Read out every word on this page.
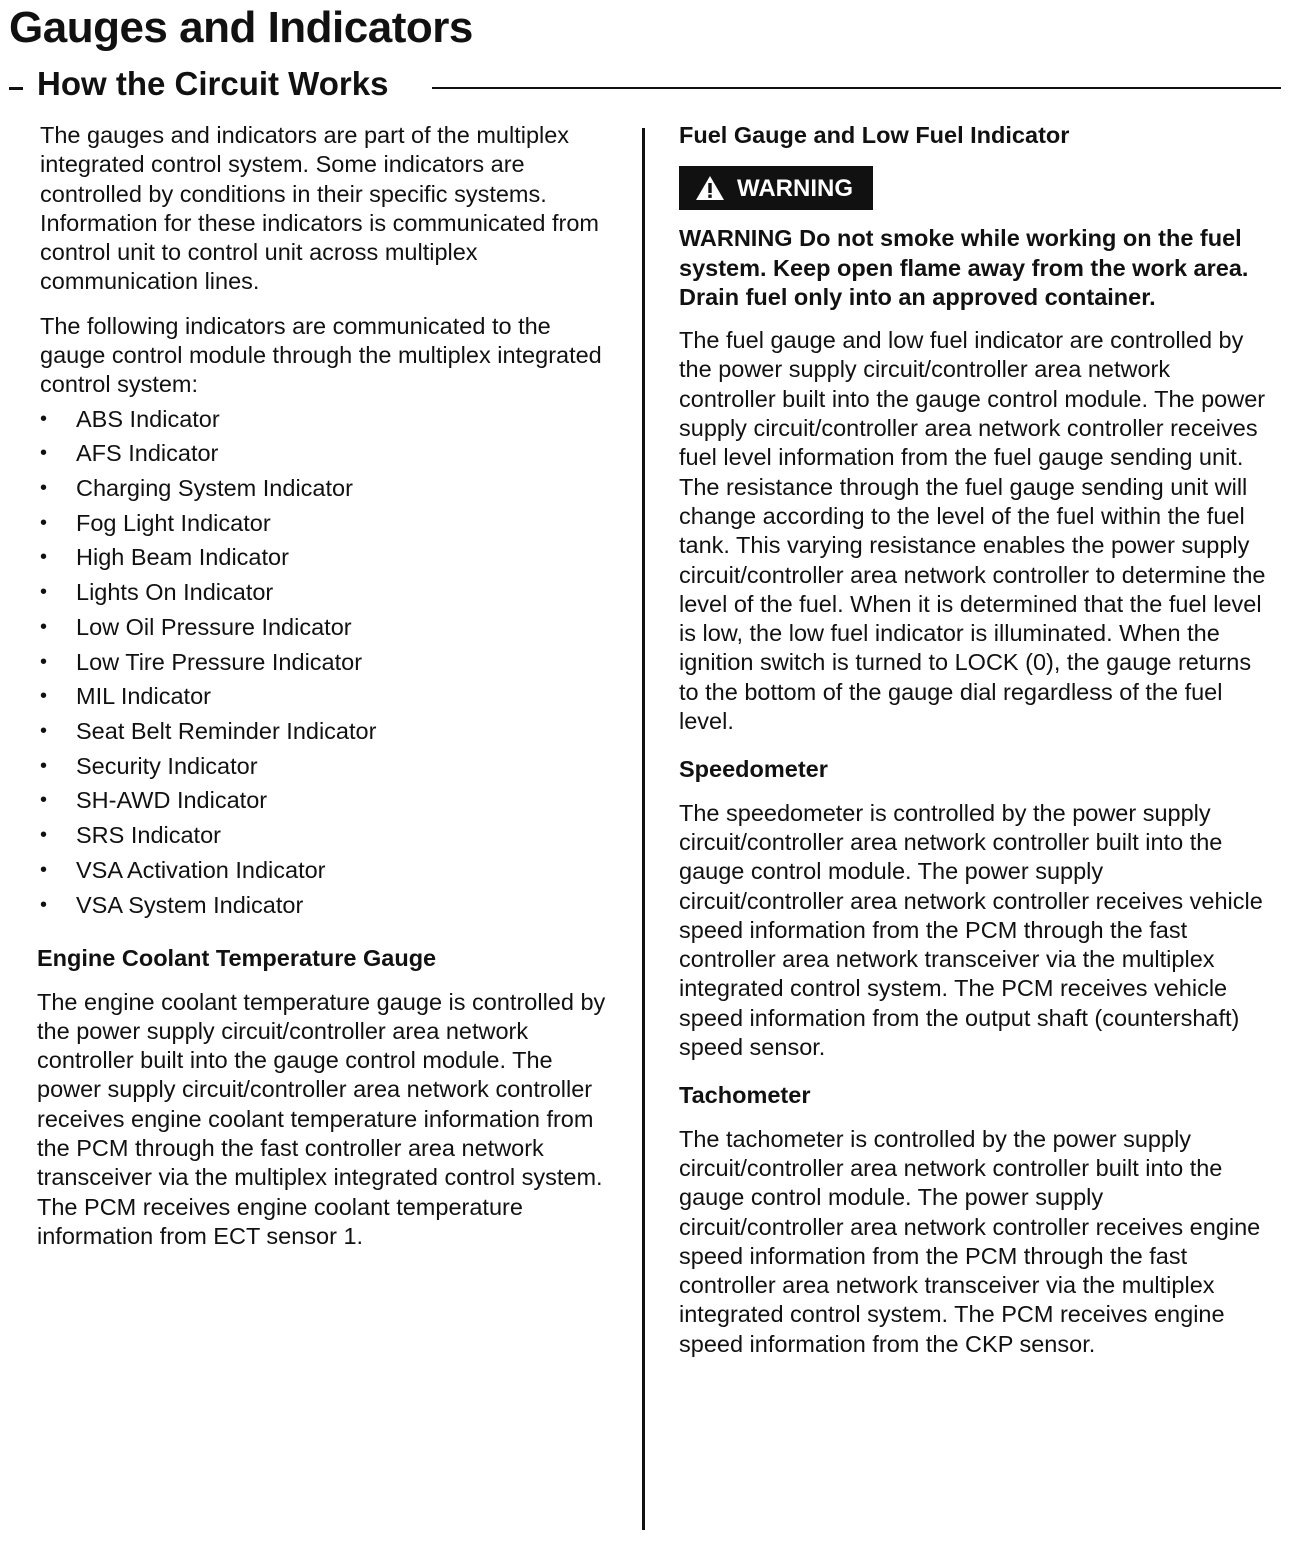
Gauges and Indicators
How the Circuit Works

The gauges and indicators are part of the multiplex integrated control system. Some indicators are controlled by conditions in their specific systems. Information for these indicators is communicated from control unit to control unit across multiplex communication lines.

The following indicators are communicated to the gauge control module through the multiplex integrated control system:

• ABS Indicator
• AFS Indicator
• Charging System Indicator
• Fog Light Indicator
• High Beam Indicator
• Lights On Indicator
• Low Oil Pressure Indicator
• Low Tire Pressure Indicator
• MIL Indicator
• Seat Belt Reminder Indicator
• Security Indicator
• SH-AWD Indicator
• SRS Indicator
• VSA Activation Indicator
• VSA System Indicator

Engine Coolant Temperature Gauge

The engine coolant temperature gauge is controlled by the power supply circuit/controller area network controller built into the gauge control module. The power supply circuit/controller area network controller receives engine coolant temperature information from the PCM through the fast controller area network transceiver via the multiplex integrated control system. The PCM receives engine coolant temperature information from ECT sensor 1.

Fuel Gauge and Low Fuel Indicator

WARNING

WARNING Do not smoke while working on the fuel system. Keep open flame away from the work area. Drain fuel only into an approved container.

The fuel gauge and low fuel indicator are controlled by the power supply circuit/controller area network controller built into the gauge control module. The power supply circuit/controller area network controller receives fuel level information from the fuel gauge sending unit. The resistance through the fuel gauge sending unit will change according to the level of the fuel within the fuel tank. This varying resistance enables the power supply circuit/controller area network controller to determine the level of the fuel. When it is determined that the fuel level is low, the low fuel indicator is illuminated. When the ignition switch is turned to LOCK (0), the gauge returns to the bottom of the gauge dial regardless of the fuel level.

Speedometer

The speedometer is controlled by the power supply circuit/controller area network controller built into the gauge control module. The power supply circuit/controller area network controller receives vehicle speed information from the PCM through the fast controller area network transceiver via the multiplex integrated control system. The PCM receives vehicle speed information from the output shaft (countershaft) speed sensor.

Tachometer

The tachometer is controlled by the power supply circuit/controller area network controller built into the gauge control module. The power supply circuit/controller area network controller receives engine speed information from the PCM through the fast controller area network transceiver via the multiplex integrated control system. The PCM receives engine speed information from the CKP sensor.
